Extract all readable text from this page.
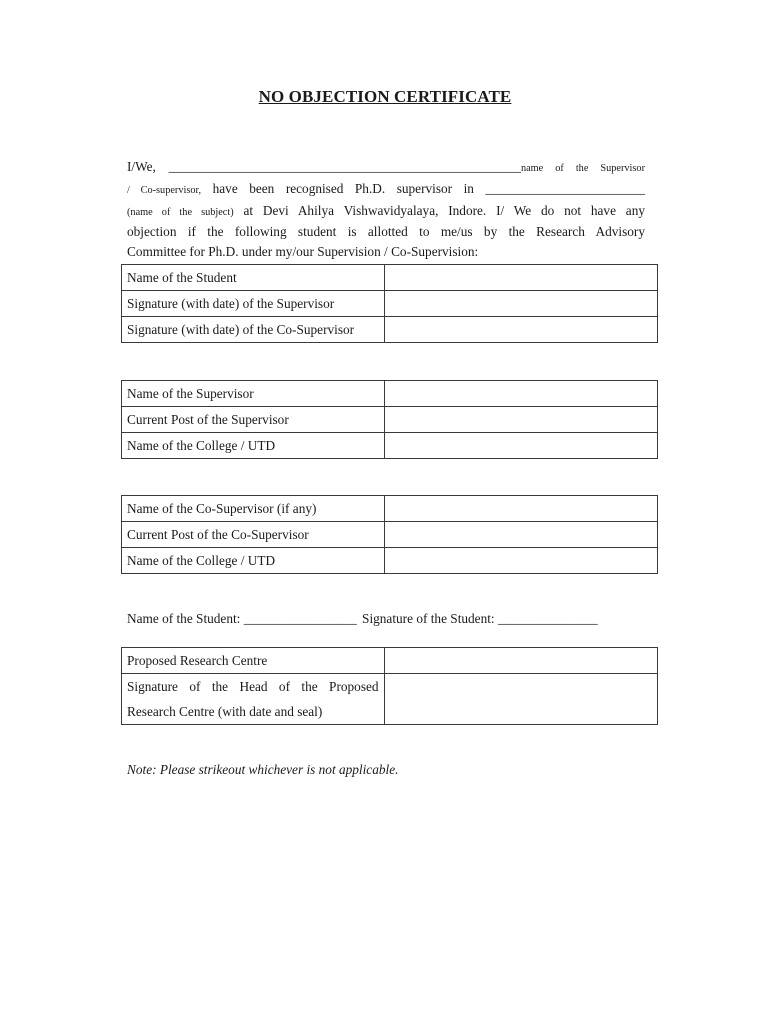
NO OBJECTION CERTIFICATE
I/We, _____________________________________________________name of the Supervisor
/ Co-supervisor, have been recognised Ph.D. supervisor in ________________________
(name of the subject) at Devi Ahilya Vishwavidyalaya, Indore. I/ We do not have any
objection if the following student is allotted to me/us by the Research Advisory
Committee for Ph.D. under my/our Supervision / Co-Supervision:
Name of the Student	
Signature (with date) of the Supervisor	
Signature (with date) of the Co-Supervisor	
Name of the Supervisor	
Current Post of the Supervisor	
Name of the College / UTD	
Name of the Co-Supervisor (if any)	
Current Post of the Co-Supervisor	
Name of the College / UTD	
Name of the Student: _________________ Signature of the Student: _______________
Proposed Research Centre	

Signature of the Head of the Proposed
Research Centre (with date and seal)	

Note: Please strikeout whichever is not applicable.
